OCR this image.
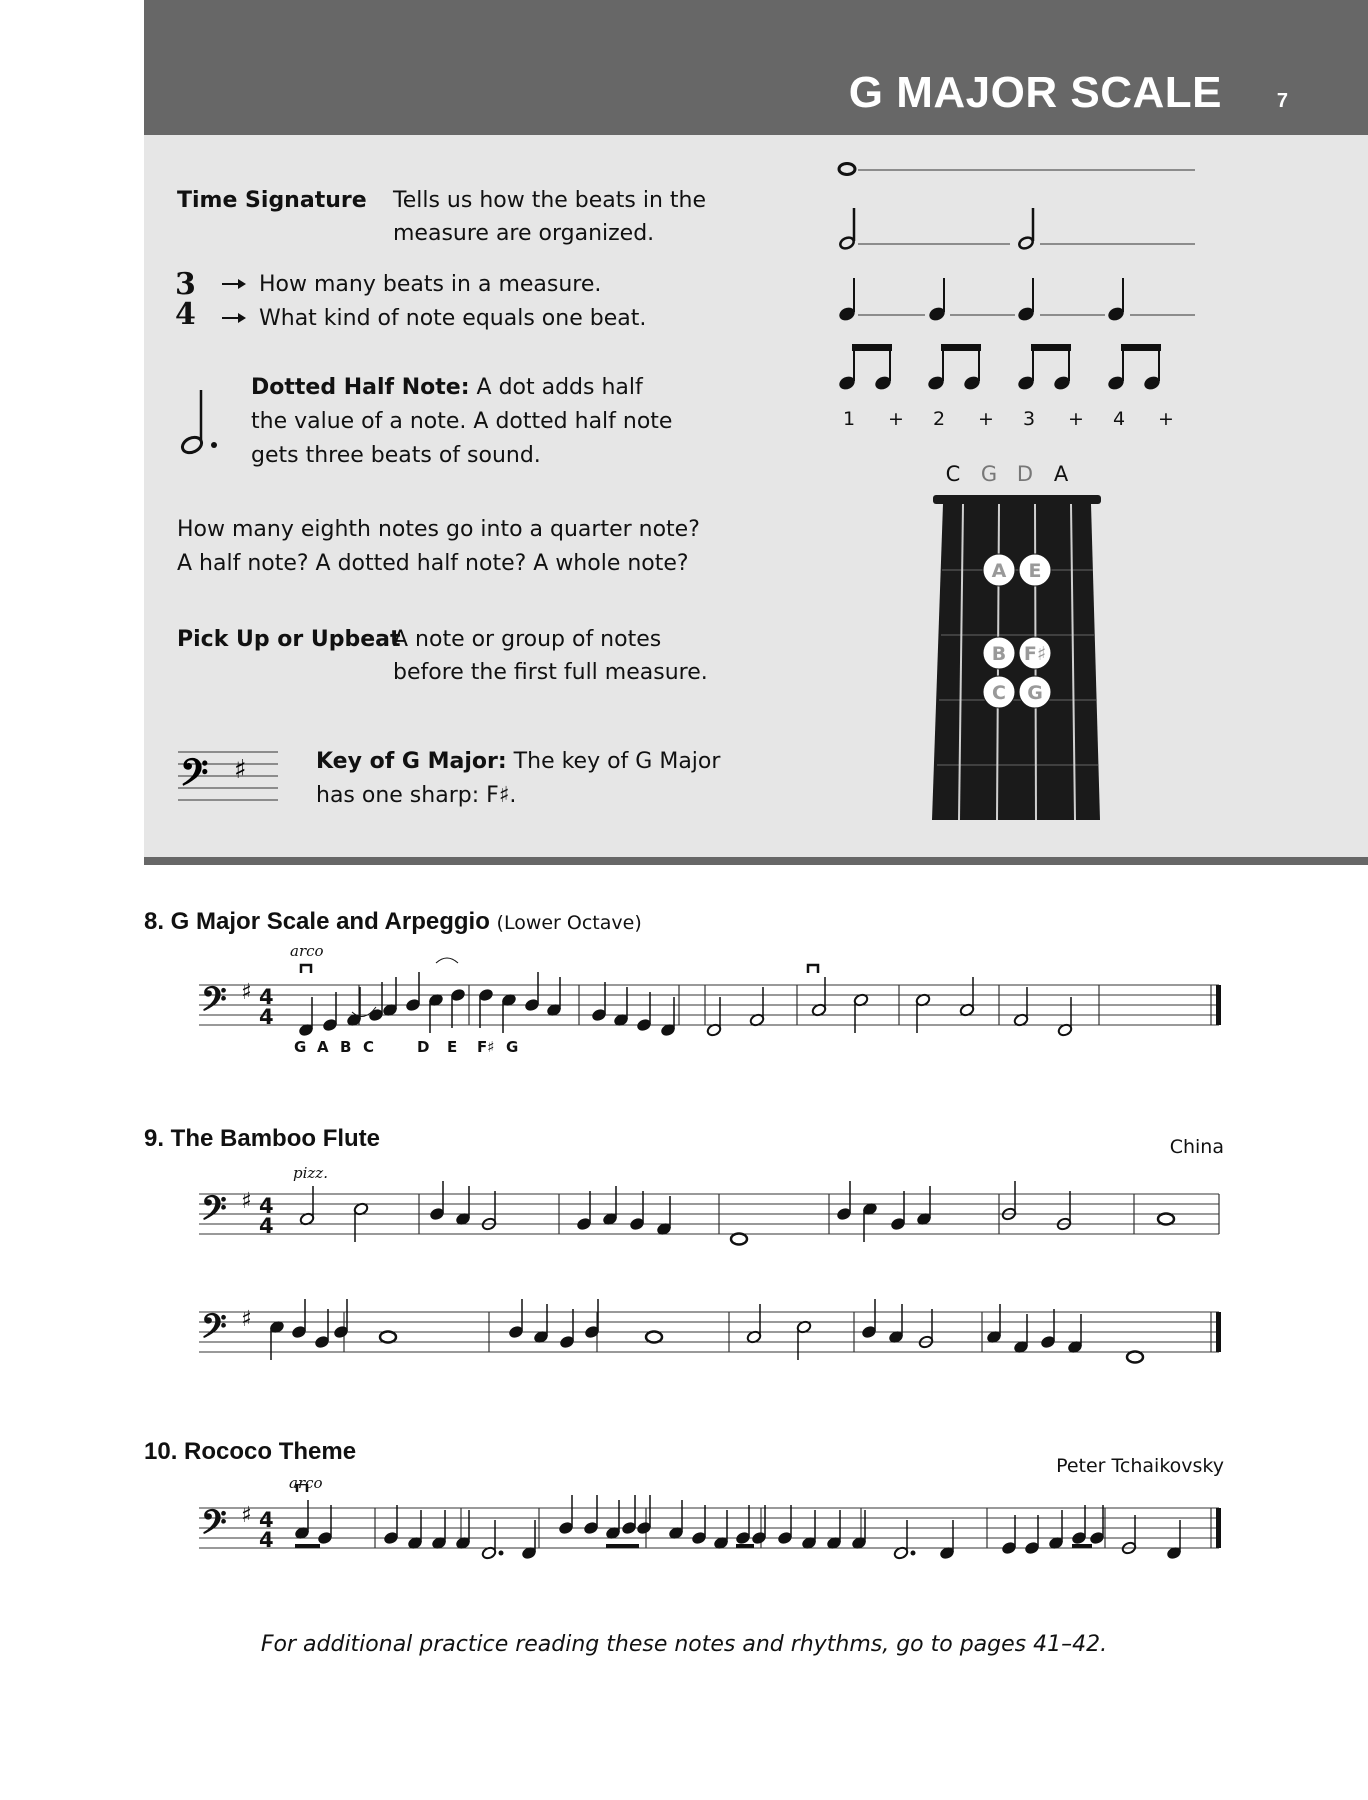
G MAJOR SCALE	7
Time Signature Tells us how the beats in the
measure are organized.
3
4
How many beats in a measure.
What kind of note equals one beat.
Dotted Half Note: A dot adds half
the value of a note. A dotted half note
gets three beats of sound.
How many eighth notes go into a quarter note?
A half note? A dotted half note? A whole note?
Pick Up or Upbeat
A note or group of notes
before the first full measure.
𝄢 ♯	Key of G Major: The key of G Major
has one sharp: F♯.
1 + 2 + 3 + 4 +
C G D A
A E
B F♯
C G
8. G Major Scale and Arpeggio (Lower Octave)
arco
𝄢 ♯ 4
4
G A B C	D E F♯ G
9. The Bamboo Flute	China
pizz.
𝄢 ♯ 4
4
𝄢 ♯
10. Rococo Theme
Peter Tchaikovsky
arco
𝄢 ♯ 4
4
For additional practice reading these notes and rhythms, go to pages 41–42.
